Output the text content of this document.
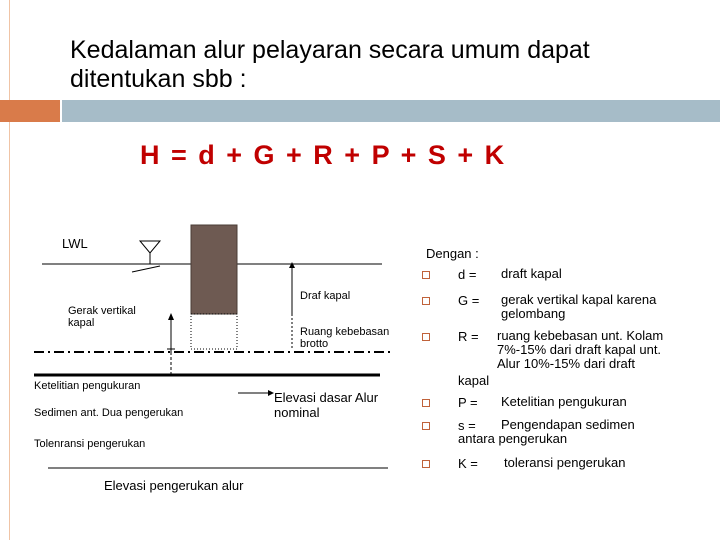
Kedalaman alur pelayaran secara umum dapat ditentukan sbb :
H = d + G + R + P + S + K
LWL
Gerak vertikal kapal
Draf kapal
Ruang kebebasan brotto
Ketelitian pengukuran
Sedimen ant. Dua pengerukan
Elevasi dasar Alur nominal
Tolenransi pengerukan
Elevasi pengerukan alur
Dengan :
d = draft kapal
G = gerak vertikal kapal karena gelombang
R = ruang kebebasan unt. Kolam 7%-15% dari draft kapal unt. Alur 10%-15% dari draft
kapal
P = Ketelitian pengukuran
s = Pengendapan sedimen
antara pengerukan
K = toleransi pengerukan
